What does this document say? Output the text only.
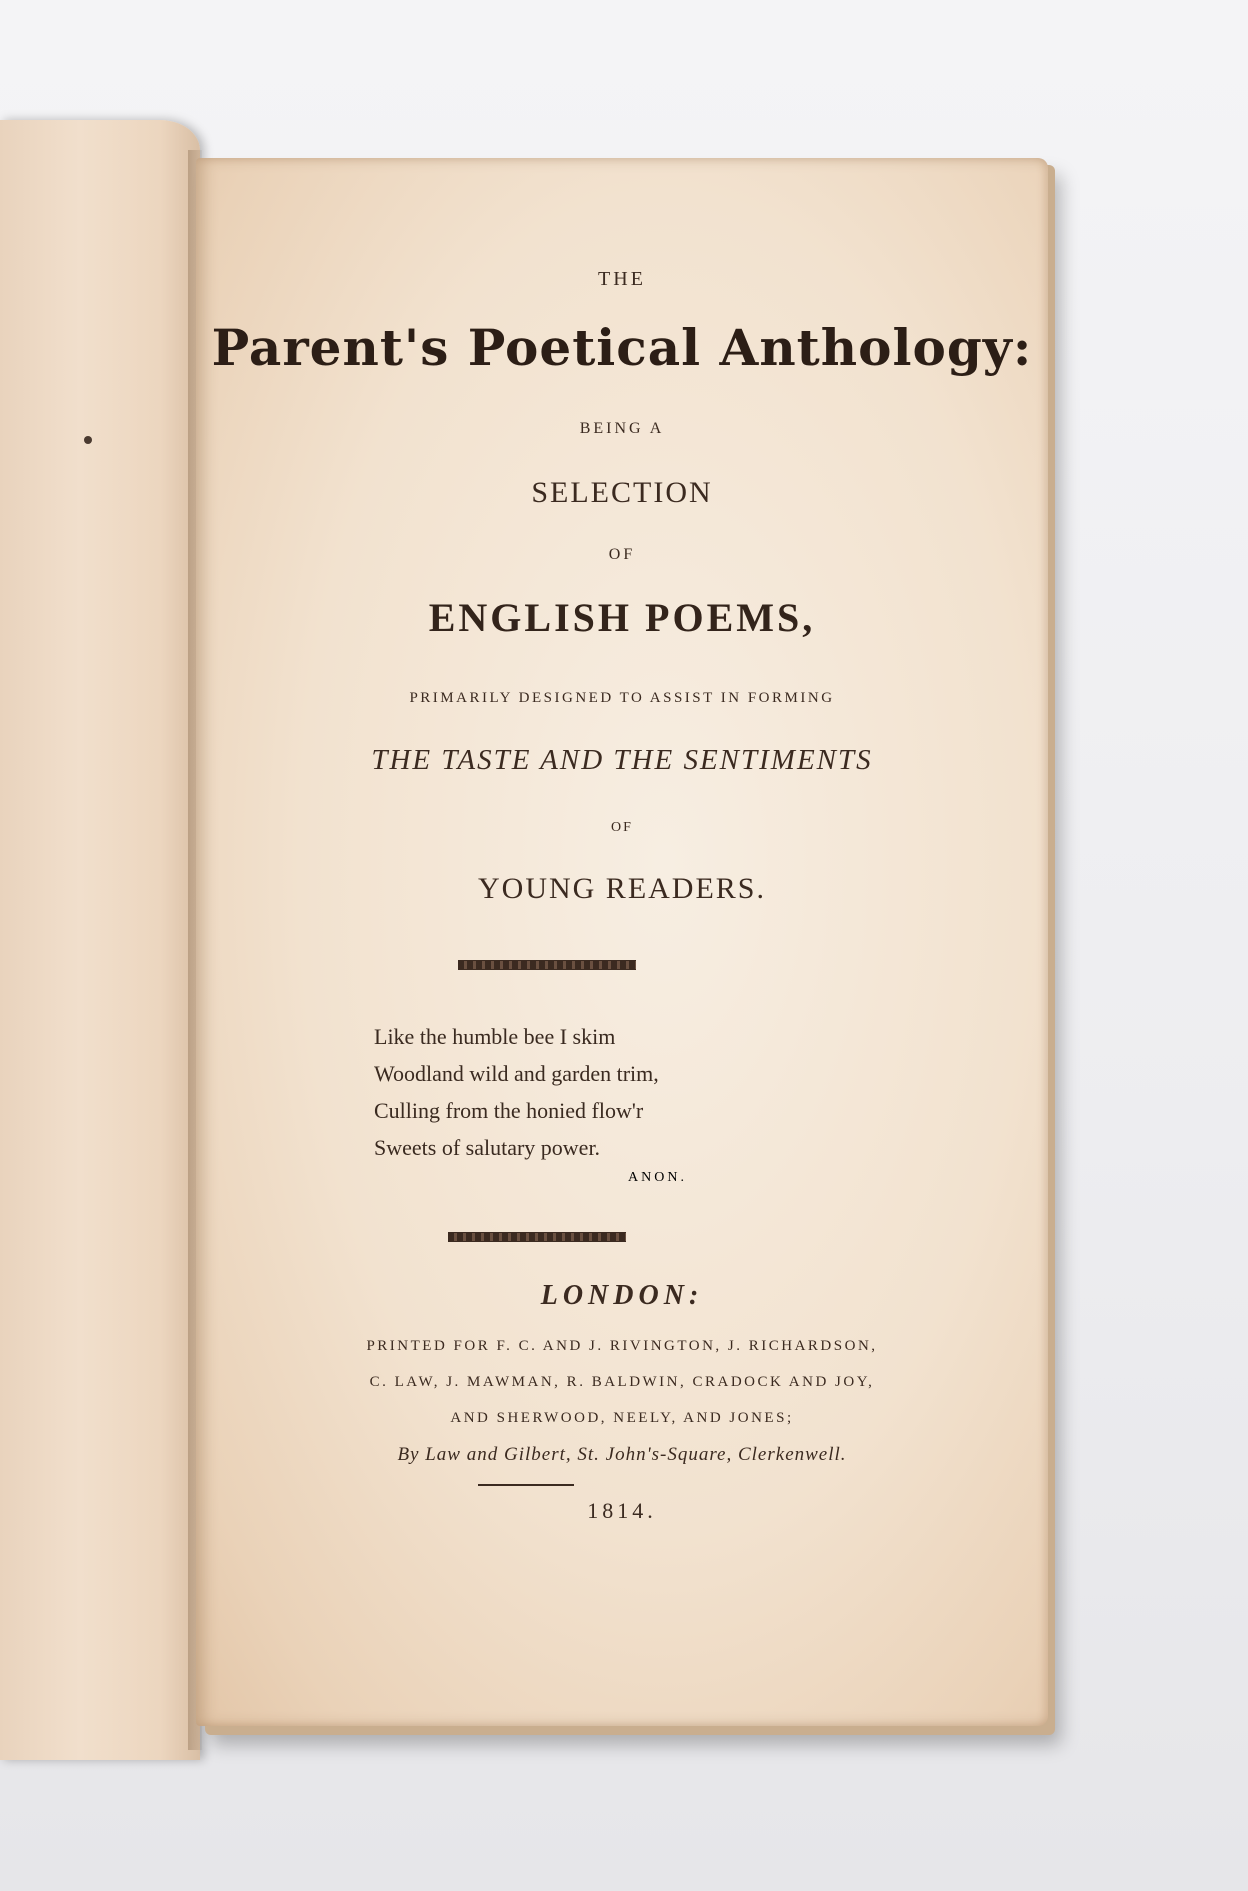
THE
Parent's Poetical Anthology:
BEING A
SELECTION
OF
ENGLISH POEMS,
PRIMARILY DESIGNED TO ASSIST IN FORMING
THE TASTE AND THE SENTIMENTS
OF
YOUNG READERS.
Like the humble bee I skim
Woodland wild and garden trim,
Culling from the honied flow'r
Sweets of salutary power.
ANON.
LONDON:
PRINTED FOR F. C. AND J. RIVINGTON, J. RICHARDSON,
C. LAW, J. MAWMAN, R. BALDWIN, CRADOCK AND JOY,
AND SHERWOOD, NEELY, AND JONES;
By Law and Gilbert, St. John's-Square, Clerkenwell.
1814.
